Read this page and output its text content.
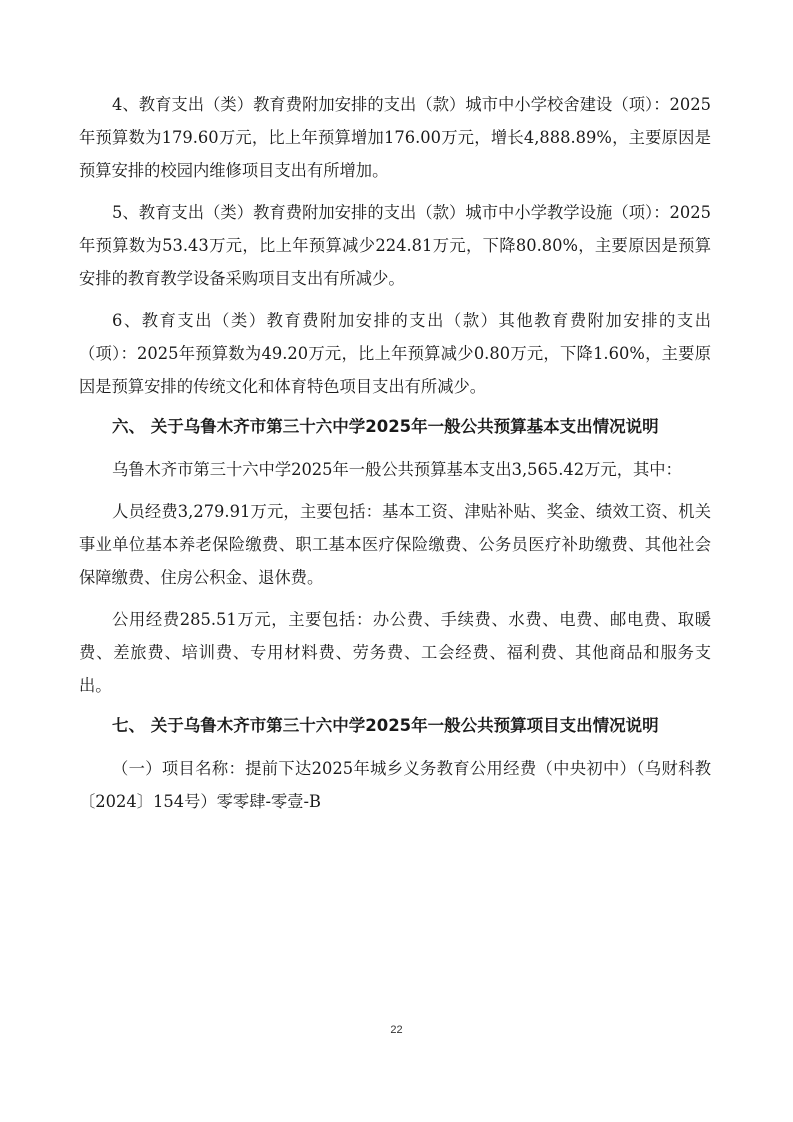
4、教育支出（类）教育费附加安排的支出（款）城市中小学校舍建设（项）：2025年预算数为179.60万元，比上年预算增加176.00万元，增长4,888.89%，主要原因是预算安排的校园内维修项目支出有所增加。

5、教育支出（类）教育费附加安排的支出（款）城市中小学教学设施（项）：2025年预算数为53.43万元，比上年预算减少224.81万元，下降80.80%，主要原因是预算安排的教育教学设备采购项目支出有所减少。

6、教育支出（类）教育费附加安排的支出（款）其他教育费附加安排的支出（项）：2025年预算数为49.20万元，比上年预算减少0.80万元，下降1.60%，主要原因是预算安排的传统文化和体育特色项目支出有所减少。

六、 关于乌鲁木齐市第三十六中学2025年一般公共预算基本支出情况说明

乌鲁木齐市第三十六中学2025年一般公共预算基本支出3,565.42万元，其中：

人员经费3,279.91万元，主要包括：基本工资、津贴补贴、奖金、绩效工资、机关事业单位基本养老保险缴费、职工基本医疗保险缴费、公务员医疗补助缴费、其他社会保障缴费、住房公积金、退休费。

公用经费285.51万元，主要包括：办公费、手续费、水费、电费、邮电费、取暖费、差旅费、培训费、专用材料费、劳务费、工会经费、福利费、其他商品和服务支出。

七、 关于乌鲁木齐市第三十六中学2025年一般公共预算项目支出情况说明

（一）项目名称：提前下达2025年城乡义务教育公用经费（中央初中）（乌财科教〔2024〕154号）零零肆-零壹-B

22
